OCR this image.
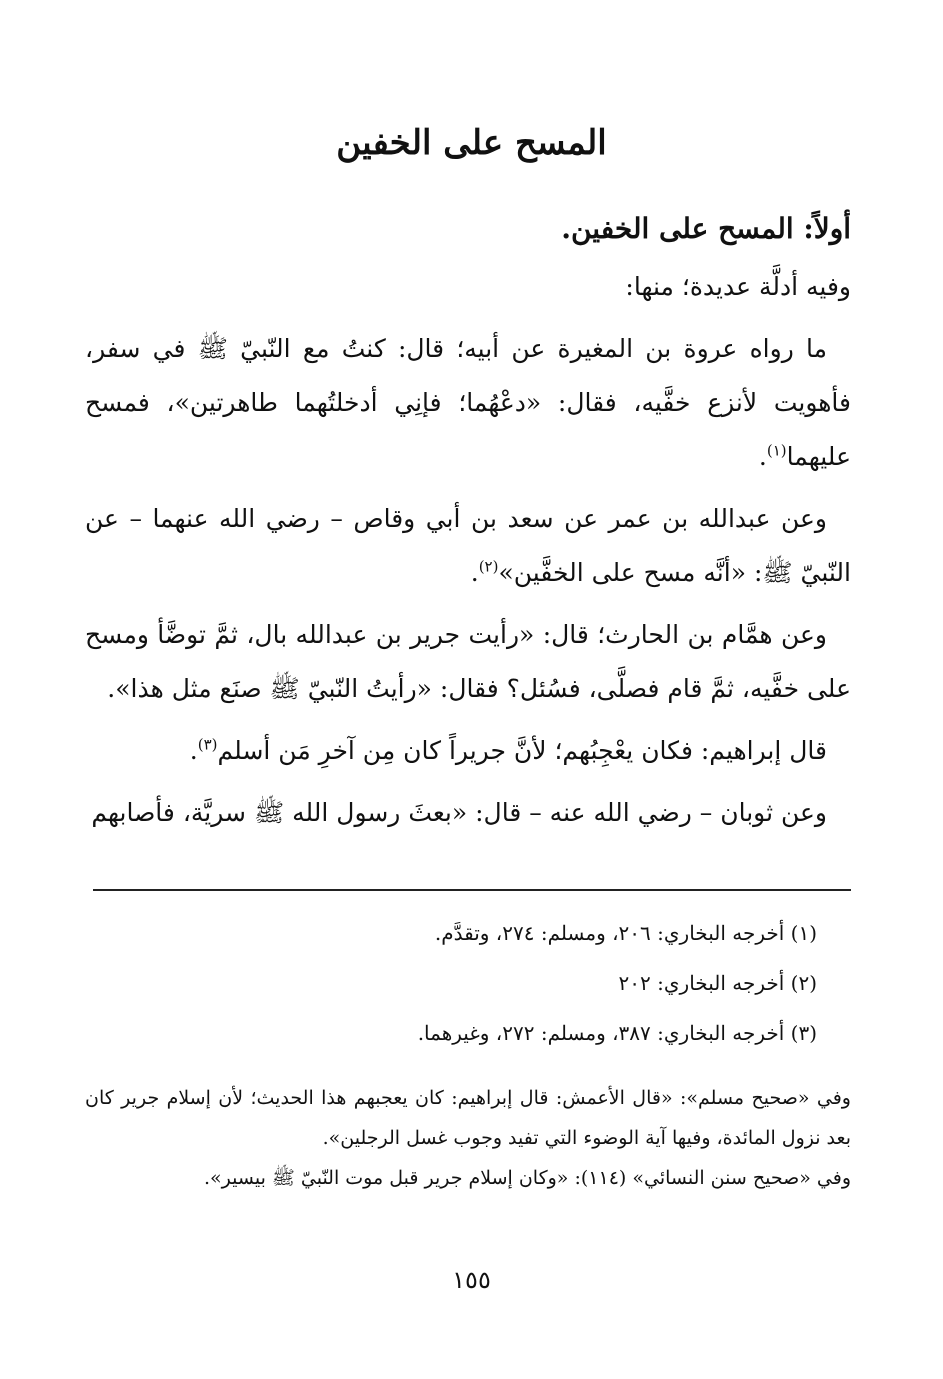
المسح على الخفين

أولاً: المسح على الخفين.

وفيه أدلَّة عديدة؛ منها:

ما رواه عروة بن المغيرة عن أبيه؛ قال: كنتُ مع النّبيّ ﷺ في سفر، فأهويت لأنزع خفَّيه، فقال: «دعْهُما؛ فإنِي أدخلتُهما طاهرتين»، فمسح عليهما$^{(١)}$.

وعن عبدالله بن عمر عن سعد بن أبي وقاص – رضي الله عنهما – عن النّبيّ ﷺ: «أنَّه مسح على الخفَّين»$^{(٢)}$.

وعن همَّام بن الحارث؛ قال: «رأيت جرير بن عبدالله بال، ثمَّ توضَّأ ومسح على خفَّيه، ثمَّ قام فصلَّى، فسُئل؟ فقال: «رأيتُ النّبيّ ﷺ صنَع مثل هذا».

قال إبراهيم: فكان يعْجِبُهم؛ لأنَّ جريراً كان مِن آخرِ مَن أسلم$^{(٣)}$.

وعن ثوبان – رضي الله عنه – قال: «بعثَ رسول الله ﷺ سريَّة، فأصابهم

(١) أخرجه البخاري: ٢٠٦، ومسلم: ٢٧٤، وتقدَّم.
(٢) أخرجه البخاري: ٢٠٢
(٣) أخرجه البخاري: ٣٨٧، ومسلم: ٢٧٢، وغيرهما.

وفي «صحيح مسلم»: «قال الأعمش: قال إبراهيم: كان يعجبهم هذا الحديث؛ لأن إسلام جرير كان بعد نزول المائدة، وفيها آية الوضوء التي تفيد وجوب غسل الرجلين».

وفي «صحيح سنن النسائي» (١١٤): «وكان إسلام جرير قبل موت النّبيّ ﷺ بيسير».

١٥٥
